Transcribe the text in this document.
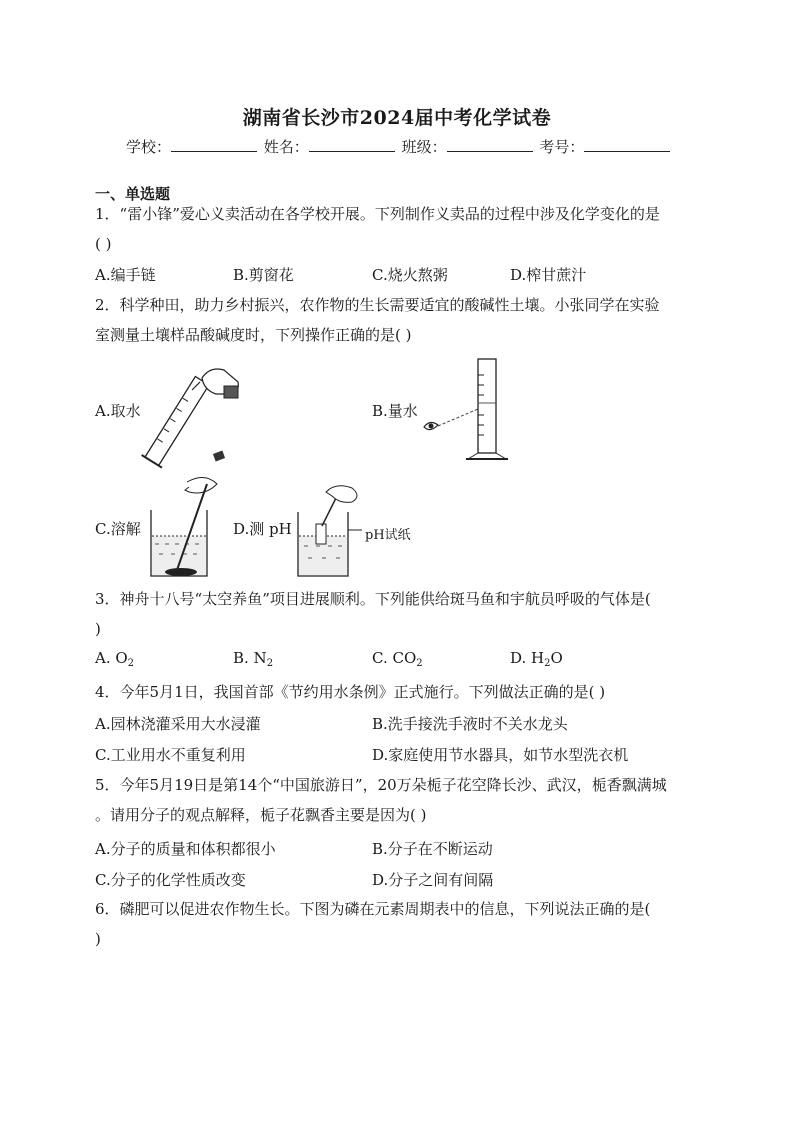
湖南省长沙市2024届中考化学试卷
学校：	姓名：	班级：	考号：
一、单选题
1．“雷小锋”爱心义卖活动在各学校开展。下列制作义卖品的过程中涉及化学变化的是
( )
A.编手链	B.剪窗花	C.烧火熬粥	D.榨甘蔗汁
2．科学种田，助力乡村振兴，农作物的生长需要适宜的酸碱性土壤。小张同学在实验
室测量土壤样品酸碱度时，下列操作正确的是( )
A.取水	B.量水
C.溶解	D.测 pH	pH试纸
3．神舟十八号“太空养鱼”项目进展顺利。下列能供给斑马鱼和宇航员呼吸的气体是(
)
A. $O_2$	B. $N_2$	C. $CO_2$	D. $H_2O$
4．今年5月1日，我国首部《节约用水条例》正式施行。下列做法正确的是( )
A.园林浇灌采用大水浸灌	B.洗手接洗手液时不关水龙头
C.工业用水不重复利用	D.家庭使用节水器具，如节水型洗衣机
5．今年5月19日是第14个“中国旅游日”，20万朵栀子花空降长沙、武汉，栀香飘满城
。请用分子的观点解释，栀子花飘香主要是因为( )
A.分子的质量和体积都很小	B.分子在不断运动
C.分子的化学性质改变	D.分子之间有间隔
6．磷肥可以促进农作物生长。下图为磷在元素周期表中的信息，下列说法正确的是(
)
